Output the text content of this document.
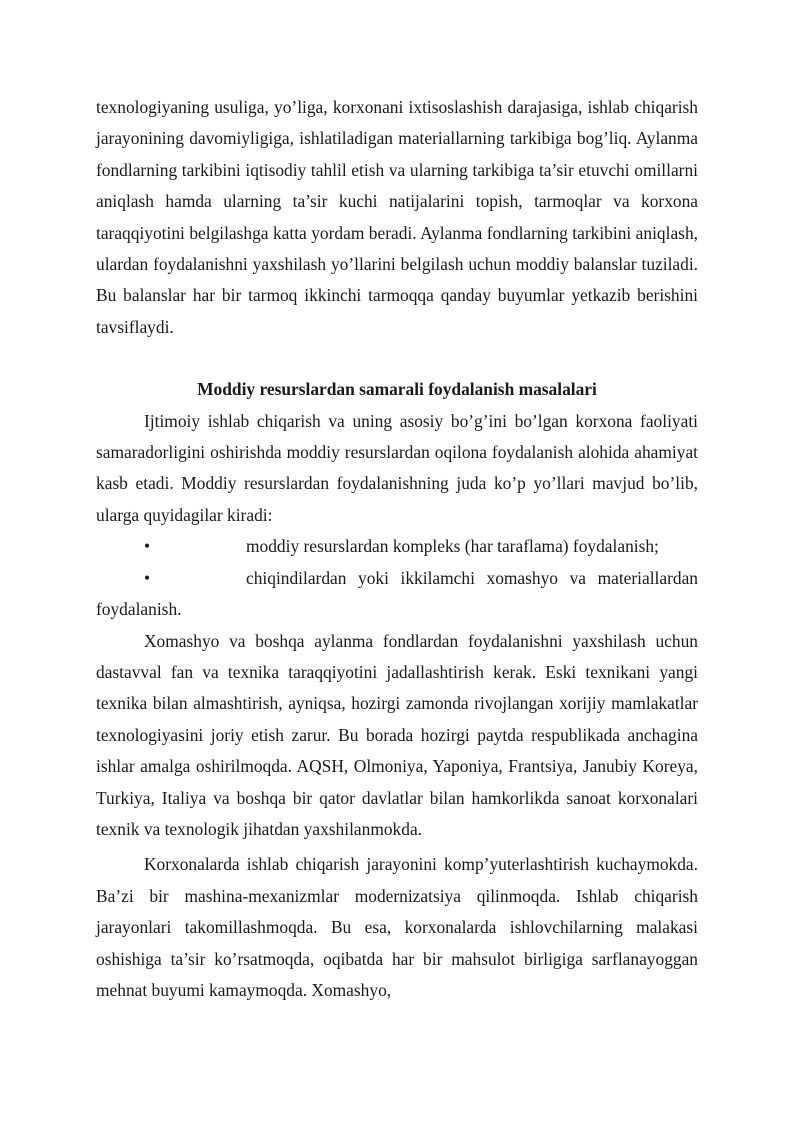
texnologiyaning usuliga, yo’liga, korxonani ixtisoslashish darajasiga, ishlab chiqarish jarayonining davomiyligiga, ishlatiladigan materiallarning tarkibiga bog’liq. Aylanma fondlarning tarkibini iqtisodiy tahlil etish va ularning tarkibiga ta’sir etuvchi omillarni aniqlash hamda ularning ta’sir kuchi natijalarini topish, tarmoqlar va korxona taraqqiyotini belgilashga katta yordam beradi. Aylanma fondlarning tarkibini aniqlash, ulardan foydalanishni yaxshilash yo’llarini belgilash uchun moddiy balanslar tuziladi. Bu balanslar har bir tarmoq ikkinchi tarmoqqa qanday buyumlar yetkazib berishini tavsiflaydi.

Moddiy resurslardan samarali foydalanish masalalari

Ijtimoiy ishlab chiqarish va uning asosiy bo’g’ini bo’lgan korxona faoliyati samaradorligini oshirishda moddiy resurslardan oqilona foydalanish alohida ahamiyat kasb etadi. Moddiy resurslardan foydalanishning juda ko’p yo’llari mavjud bo’lib, ularga quyidagilar kiradi:

•	moddiy resurslardan kompleks (har taraflama) foydalanish;
•	chiqindilardan yoki ikkilamchi xomashyo va materiallardan foydalanish.

Xomashyo va boshqa aylanma fondlardan foydalanishni yaxshilash uchun dastavval fan va texnika taraqqiyotini jadallashtirish kerak. Eski texnikani yangi texnika bilan almashtirish, ayniqsa, hozirgi zamonda rivojlangan xorijiy mamlakatlar texnologiyasini joriy etish zarur. Bu borada hozirgi paytda respublikada anchagina ishlar amalga oshirilmoqda. AQSH, Olmoniya, Yaponiya, Frantsiya, Janubiy Koreya, Turkiya, Italiya va boshqa bir qator davlatlar bilan hamkorlikda sanoat korxonalari texnik va texnologik jihatdan yaxshilanmokda.

Korxonalarda ishlab chiqarish jarayonini komp’yuterlashtirish kuchaymokda. Ba’zi bir mashina-mexanizmlar modernizatsiya qilinmoqda. Ishlab chiqarish jarayonlari takomillashmoqda. Bu esa, korxonalarda ishlovchilarning malakasi oshishiga ta’sir ko’rsatmoqda, oqibatda har bir mahsulot birligiga sarflanayoggan mehnat buyumi kamaymoqda. Xomashyo,
